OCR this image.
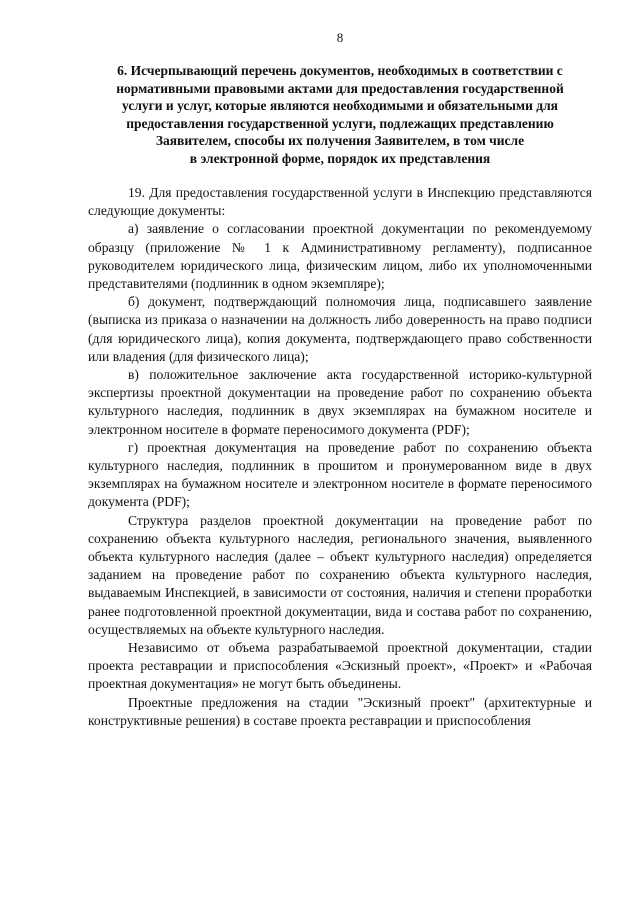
8
6. Исчерпывающий перечень документов, необходимых в соответствии с
нормативными правовыми актами для предоставления государственной
услуги и услуг, которые являются необходимыми и обязательными для
предоставления государственной услуги, подлежащих представлению
Заявителем, способы их получения Заявителем, в том числе
в электронной форме, порядок их представления

19. Для предоставления государственной услуги в Инспекцию представляются следующие документы:

а) заявление о согласовании проектной документации по рекомендуемому образцу (приложение № 1 к Административному регламенту), подписанное руководителем юридического лица, физическим лицом, либо их уполномоченными представителями (подлинник в одном экземпляре);

б) документ, подтверждающий полномочия лица, подписавшего заявление (выписка из приказа о назначении на должность либо доверенность на право подписи (для юридического лица), копия документа, подтверждающего право собственности или владения (для физического лица);

в) положительное заключение акта государственной историко-культурной экспертизы проектной документации на проведение работ по сохранению объекта культурного наследия, подлинник в двух экземплярах на бумажном носителе и электронном носителе в формате переносимого документа (PDF);

г) проектная документация на проведение работ по сохранению объекта культурного наследия, подлинник в прошитом и пронумерованном виде в двух экземплярах на бумажном носителе и электронном носителе в формате переносимого документа (PDF);

Структура разделов проектной документации на проведение работ по сохранению объекта культурного наследия, регионального значения, выявленного объекта культурного наследия (далее – объект культурного наследия) определяется заданием на проведение работ по сохранению объекта культурного наследия, выдаваемым Инспекцией, в зависимости от состояния, наличия и степени проработки ранее подготовленной проектной документации, вида и состава работ по сохранению, осуществляемых на объекте культурного наследия.

Независимо от объема разрабатываемой проектной документации, стадии проекта реставрации и приспособления «Эскизный проект», «Проект» и «Рабочая проектная документация» не могут быть объединены.

Проектные предложения на стадии "Эскизный проект" (архитектурные и конструктивные решения) в составе проекта реставрации и приспособления
